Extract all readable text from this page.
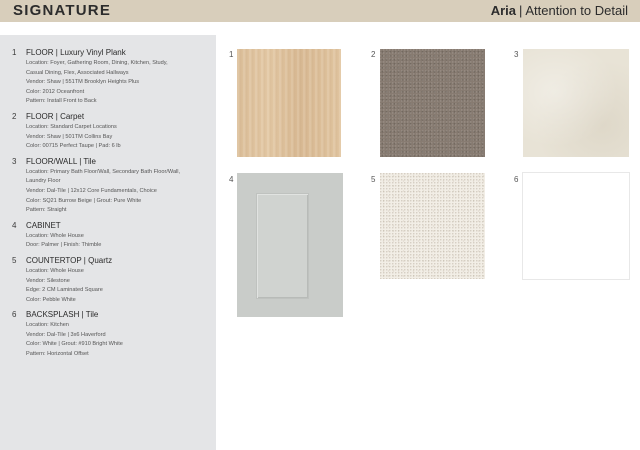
SIGNATURE	Aria | Attention to Detail
1 FLOOR | Luxury Vinyl Plank
Location: Foyer, Gathering Room, Dining, Kitchen, Study,
Casual Dining, Flex, Associated Hallways
Vendor: Shaw | 551TM Brooklyn Heights Plus
Color: 2012 Oceanfront
Pattern: Install Front to Back
2 FLOOR | Carpet
Location: Standard Carpet Locations
Vendor: Shaw | 501TM Collins Bay
Color: 00715 Perfect Taupe | Pad: 6 lb
3 FLOOR/WALL | Tile
Location: Primary Bath Floor/Wall, Secondary Bath Floor/Wall,
Laundry Floor
Vendor: Dal-Tile | 12x12 Core Fundamentals, Choice
Color: SQ21 Burrow Beige | Grout: Pure White
Pattern: Straight
4 CABINET
Location: Whole House
Door: Palmer | Finish: Thimble
5 COUNTERTOP | Quartz
Location: Whole House
Vendor: Silestone
Edge: 2 CM Laminated Square
Color: Pebble White
6 BACKSPLASH | Tile
Location: Kitchen
Vendor: Dal-Tile | 3x6 Haverford
Color: White | Grout: #910 Bright White
Pattern: Horizontal Offset
1	2	3
4	5	6
